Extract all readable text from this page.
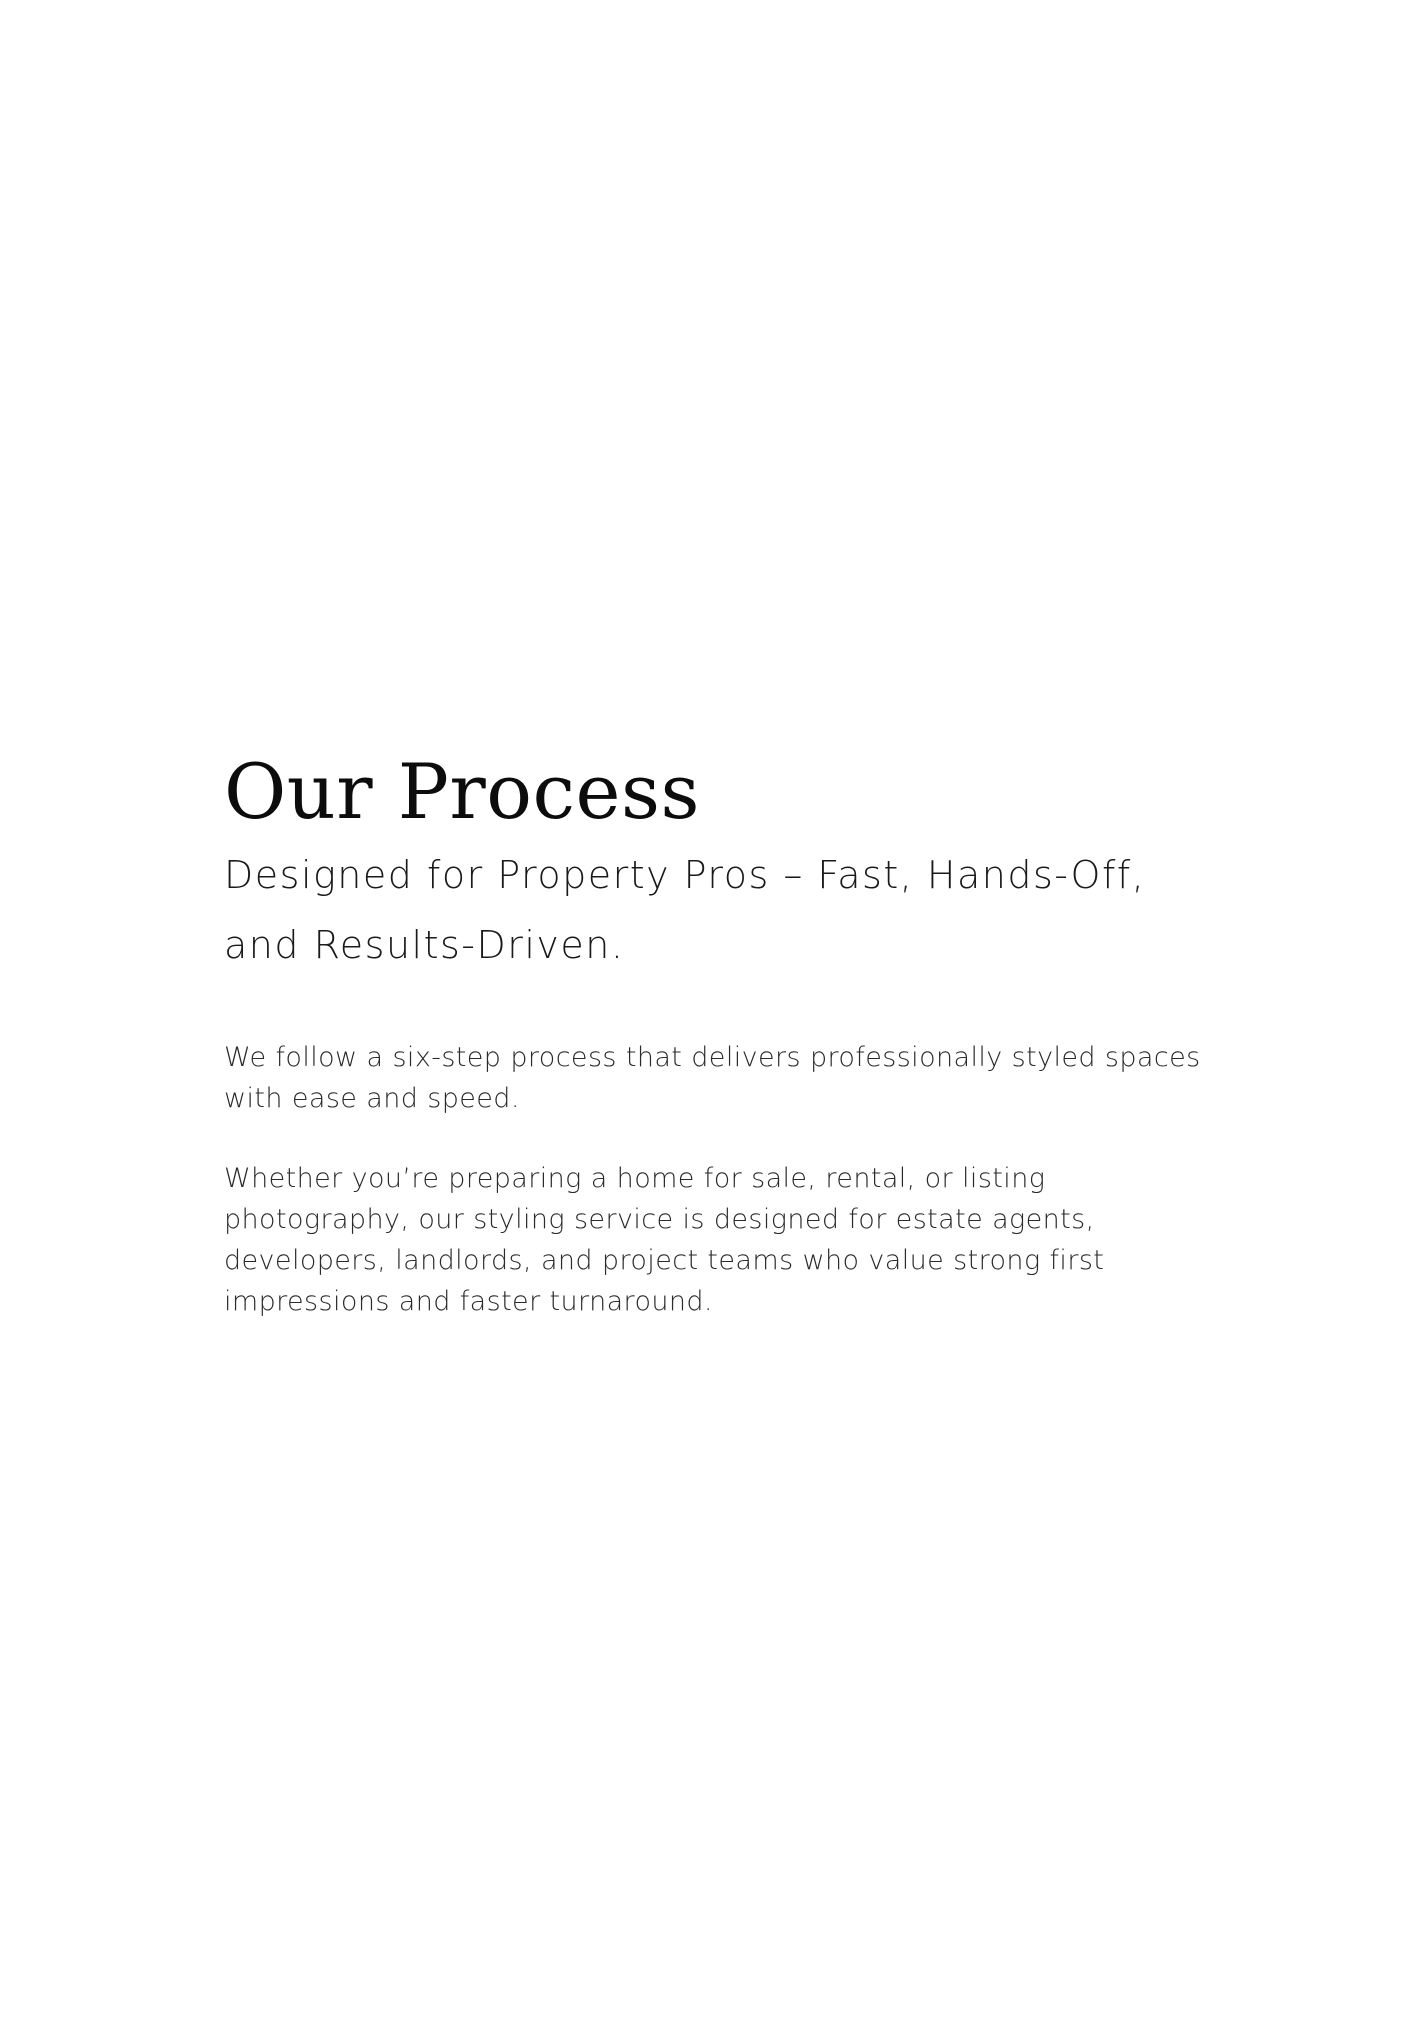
Our Process

Designed for Property Pros – Fast, Hands-Off, and Results-Driven.

We follow a six-step process that delivers professionally styled spaces with ease and speed.

Whether you’re preparing a home for sale, rental, or listing photography, our styling service is designed for estate agents, developers, landlords, and project teams who value strong first impressions and faster turnaround.
